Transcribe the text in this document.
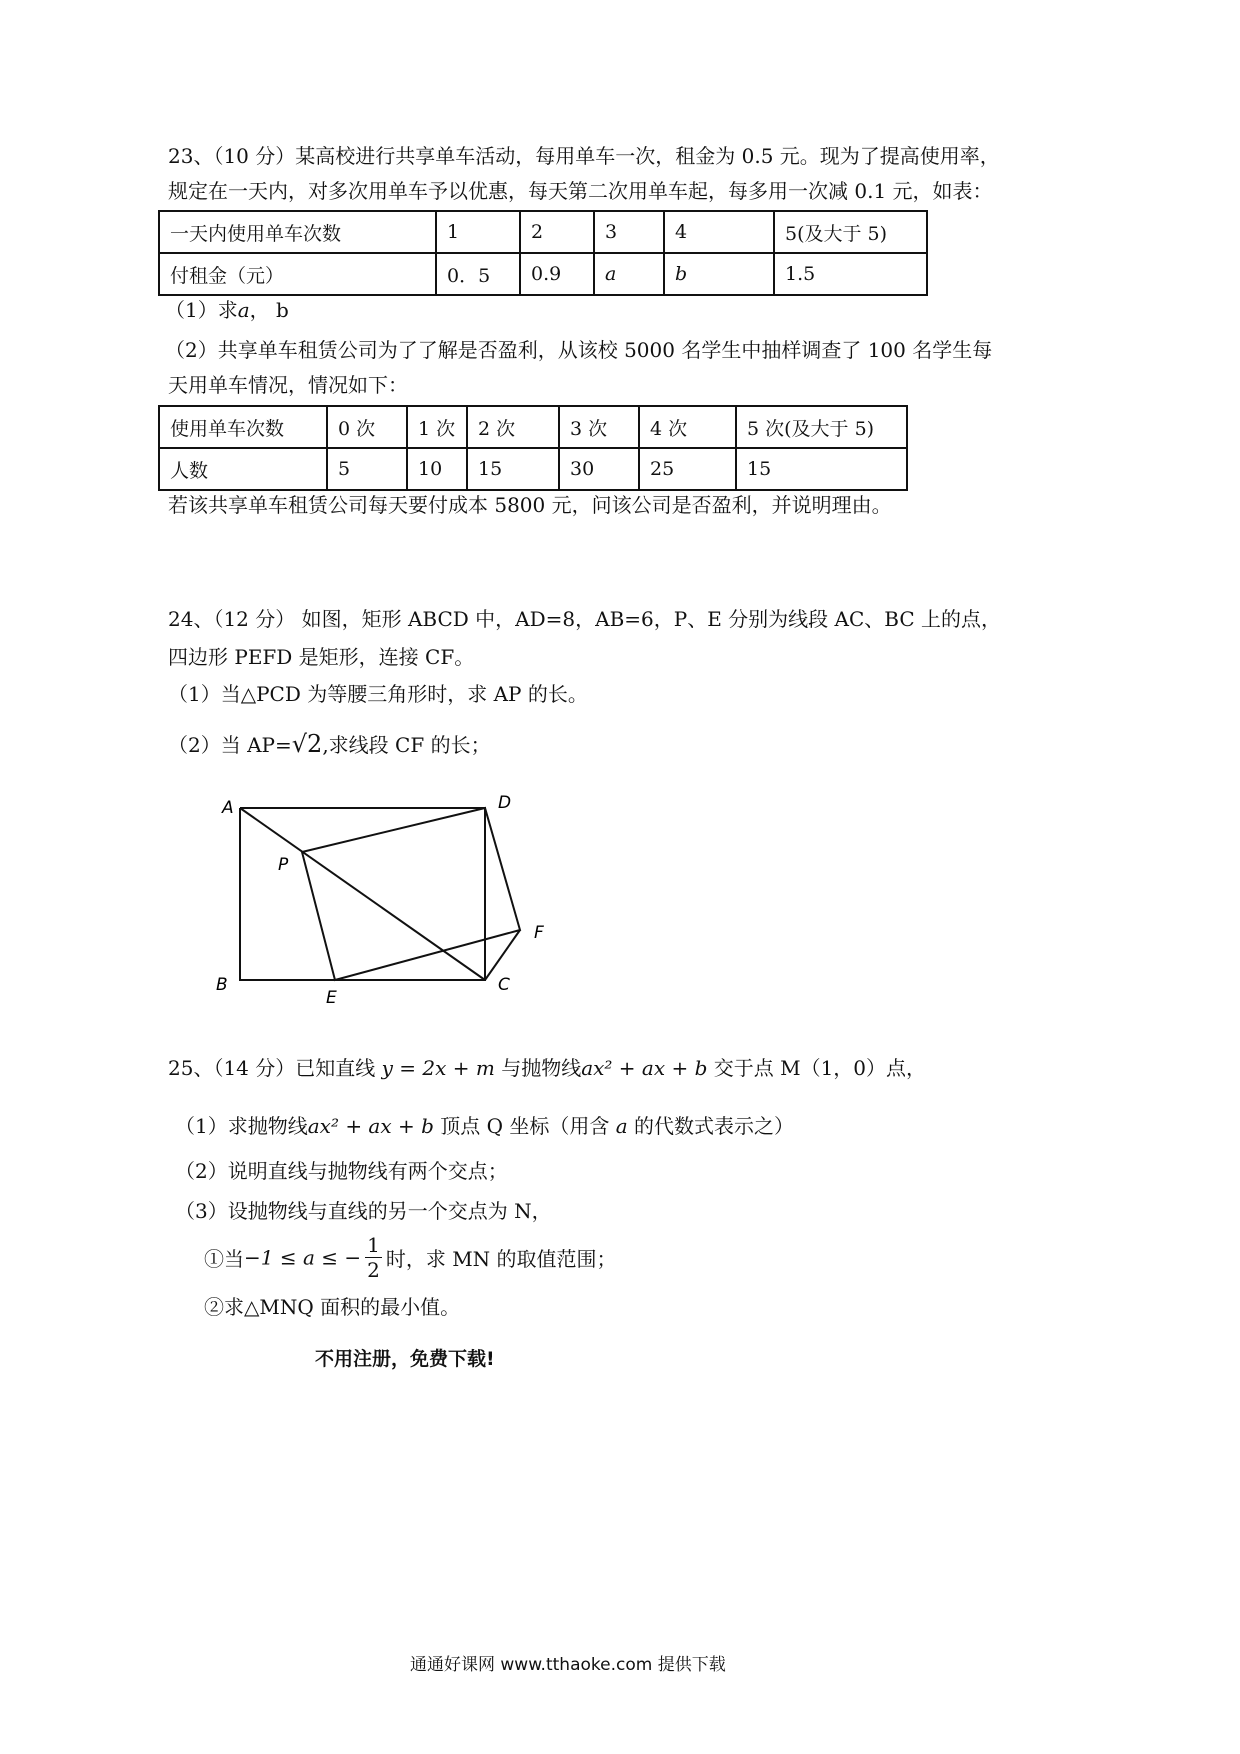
23、（10 分）某高校进行共享单车活动，每用单车一次，租金为 0.5 元。现为了提高使用率，
规定在一天内，对多次用单车予以优惠，每天第二次用单车起，每多用一次减 0.1 元，如表：
一天内使用单车次数	1	2	3	4	5(及大于 5)
付租金（元）	0．5	0.9	a	b	1.5
（1）求a， b
（2）共享单车租赁公司为了了解是否盈利，从该校 5000 名学生中抽样调查了 100 名学生每
天用单车情况，情况如下：
使用单车次数	0 次	1 次	2 次	3 次	4 次	5 次(及大于 5)
人数	5	10	15	30	25	15
若该共享单车租赁公司每天要付成本 5800 元，问该公司是否盈利，并说明理由。
24、（12 分） 如图，矩形 ABCD 中，AD=8，AB=6，P、E 分别为线段 AC、BC 上的点，
四边形 PEFD 是矩形，连接 CF。
（1）当△PCD 为等腰三角形时，求 AP 的长。
（2）当 AP=√2,求线段 CF 的长；
A	D
P
F
B
E
C
25、（14 分）已知直线 y = 2x + m 与抛物线ax² + ax + b 交于点 M（1，0）点，
（1）求抛物线ax² + ax + b 顶点 Q 坐标（用含 a 的代数式表示之）
（2）说明直线与抛物线有两个交点；
（3）设抛物线与直线的另一个交点为 N，
①当−1 ≤ a ≤ − $\frac{1}{2}$ 时，求 MN 的取值范围；
②求△MNQ 面积的最小值。
不用注册，免费下载!
通通好课网 www.tthaoke.com 提供下载
